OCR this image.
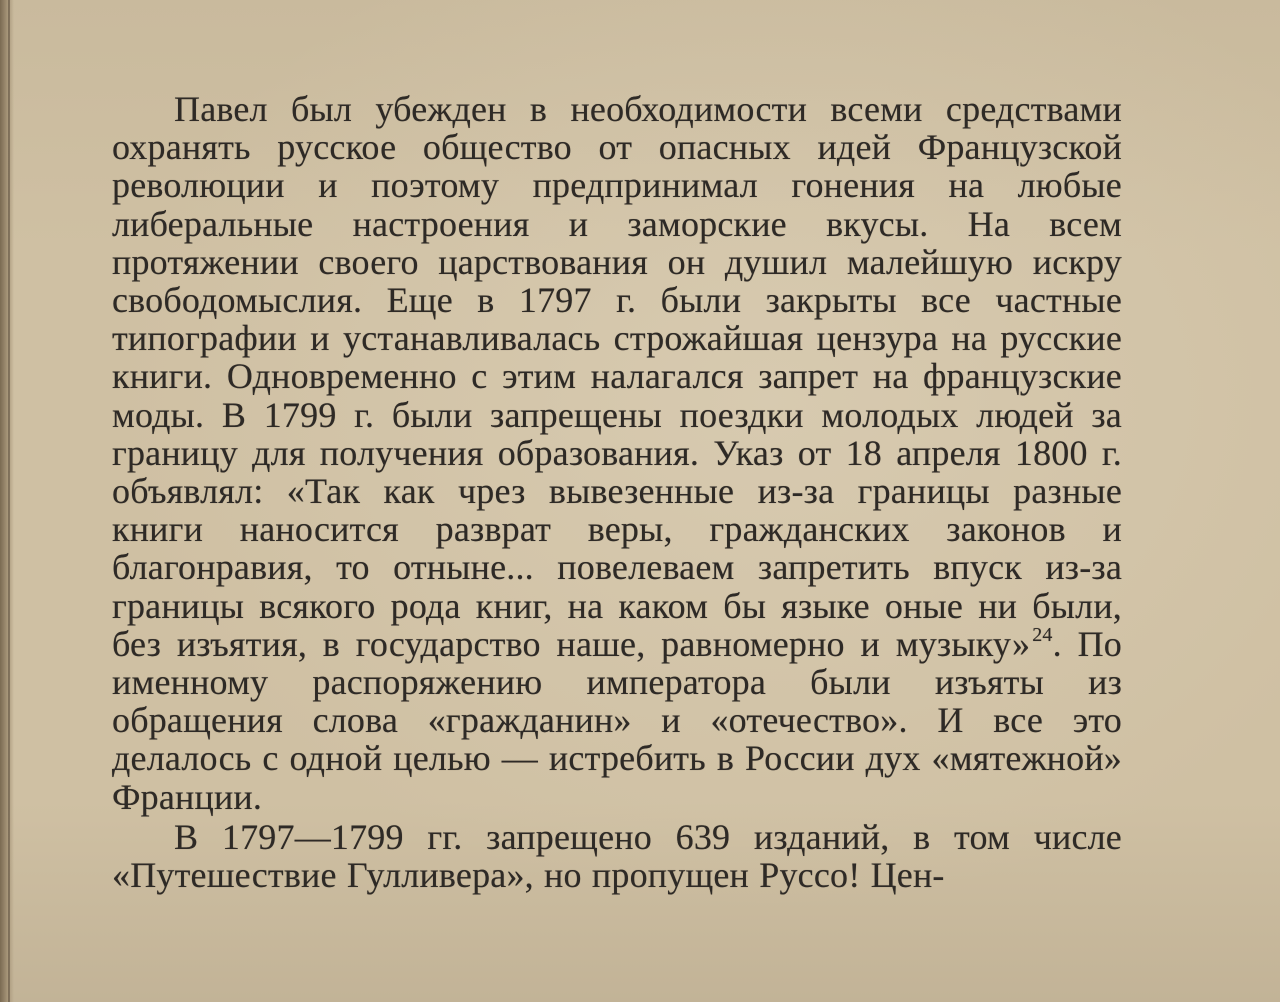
Павел был убежден в необходимости всеми средствами охранять русское общество от опасных идей Французской революции и поэтому предпринимал гонения на любые либеральные настроения и заморские вкусы. На всем протяжении своего царствования он душил малейшую искру свободомыслия. Еще в 1797 г. были закрыты все частные типографии и устанавливалась строжайшая цензура на русские книги. Одновременно с этим налагался запрет на французские моды. В 1799 г. были запрещены поездки молодых людей за границу для получения образования. Указ от 18 апреля 1800 г. объявлял: «Так как чрез вывезенные из-за границы разные книги наносится разврат веры, гражданских законов и благонравия, то отныне... повелеваем запретить впуск из-за границы всякого рода книг, на каком бы языке оные ни были, без изъятия, в государство наше, равномерно и музыку» $^{24}$. По именному распоряжению императора были изъяты из обращения слова «гражданин» и «отечество». И все это делалось с одной целью — истребить в России дух «мятежной» Франции.

В 1797—1799 гг. запрещено 639 изданий, в том числе «Путешествие Гулливера», но пропущен Руссо! Цен-
